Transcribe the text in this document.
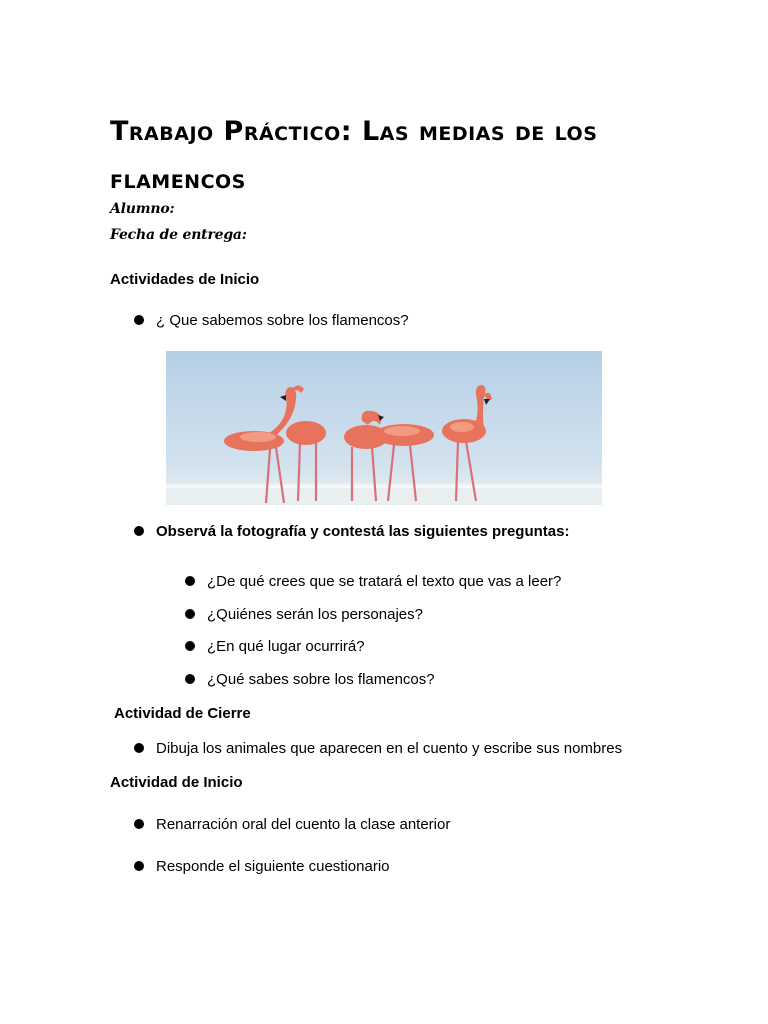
Trabajo Práctico: Las medias de los flamencos
Alumno:
Fecha de entrega:
Actividades de Inicio
¿ Que sabemos sobre los flamencos?
Observá la fotografía y contestá las siguientes preguntas:
¿De qué crees que se tratará el texto que vas a leer?
¿Quiénes serán los personajes?
¿En qué lugar ocurrirá?
¿Qué sabes sobre los flamencos?
Actividad de Cierre
Dibuja los animales que aparecen en el cuento y escribe sus nombres
Actividad de Inicio
Renarración oral del cuento la clase anterior
Responde el siguiente cuestionario
